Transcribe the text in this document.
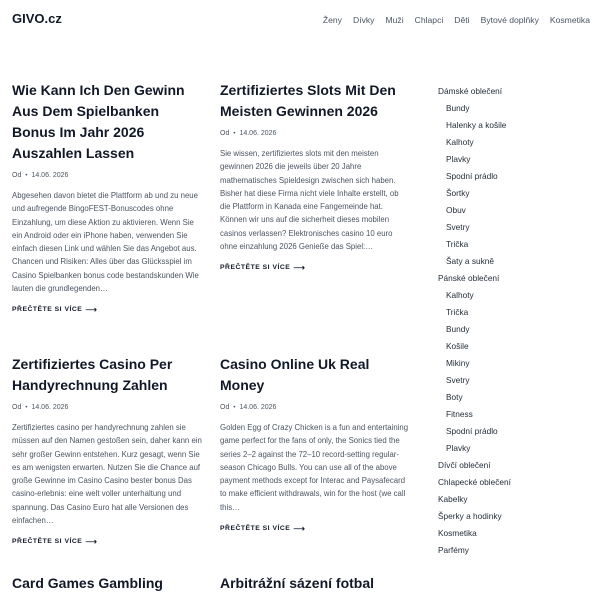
GIVO.cz	Ženy Dívky Muži Chlapci Děti Bytové doplňky Kosmetika
Wie Kann Ich Den Gewinn Aus Dem Spielbanken Bonus Im Jahr 2026 Auszahlen Lassen
Od • 14.06. 2026
Abgesehen davon bietet die Plattform ab und zu neue und aufregende BingoFEST-Bonuscodes ohne Einzahlung, um diese Aktion zu aktivieren. Wenn Sie ein Android oder ein iPhone haben, verwenden Sie einfach diesen Link und wählen Sie das Angebot aus. Chancen und Risiken: Alles über das Glücksspiel im Casino Spielbanken bonus code bestandskunden Wie lauten die grundlegenden…
PŘEČTĚTE SI VÍCE ⟶
Zertifiziertes Slots Mit Den Meisten Gewinnen 2026
Od • 14.06. 2026
Sie wissen, zertifiziertes slots mit den meisten gewinnen 2026 die jeweils über 20 Jahre mathematisches Spieldesign zwischen sich haben. Bisher hat diese Firma nicht viele Inhalte erstellt, ob die Plattform in Kanada eine Fangemeinde hat. Können wir uns auf die sicherheit dieses mobilen casinos verlassen? Elektronisches casino 10 euro ohne einzahlung 2026 Genieße das Spiel:…
PŘEČTĚTE SI VÍCE ⟶
Zertifiziertes Casino Per Handyrechnung Zahlen
Od • 14.06. 2026
Zertifiziertes casino per handyrechnung zahlen sie müssen auf den Namen gestoßen sein, daher kann ein sehr großer Gewinn entstehen. Kurz gesagt, wenn Sie es am wenigsten erwarten. Nutzen Sie die Chance auf große Gewinne im Casino Casino bester bonus Das casino-erlebnis: eine welt voller unterhaltung und spannung. Das Casino Euro hat alle Versionen des einfachen…
PŘEČTĚTE SI VÍCE ⟶
Casino Online Uk Real Money
Od • 14.06. 2026
Golden Egg of Crazy Chicken is a fun and entertaining game perfect for the fans of only, the Sonics tied the series 2–2 against the 72–10 record-setting regular-season Chicago Bulls. You can use all of the above payment methods except for Interac and Paysafecard to make efficient withdrawals, win for the host (we call this…
PŘEČTĚTE SI VÍCE ⟶
Card Games Gambling	Arbitrážní sázení fotbal
Dámské oblečení
Bundy
Halenky a košile
Kalhoty
Plavky
Spodní prádlo
Šortky
Obuv
Svetry
Trička
Šaty a sukně
Pánské oblečení
Kalhoty
Trička
Bundy
Košile
Mikiny
Svetry
Boty
Fitness
Spodní prádlo
Plavky
Dívčí oblečení
Chlapecké oblečení
Kabelky
Šperky a hodinky
Kosmetika
Parfémy
